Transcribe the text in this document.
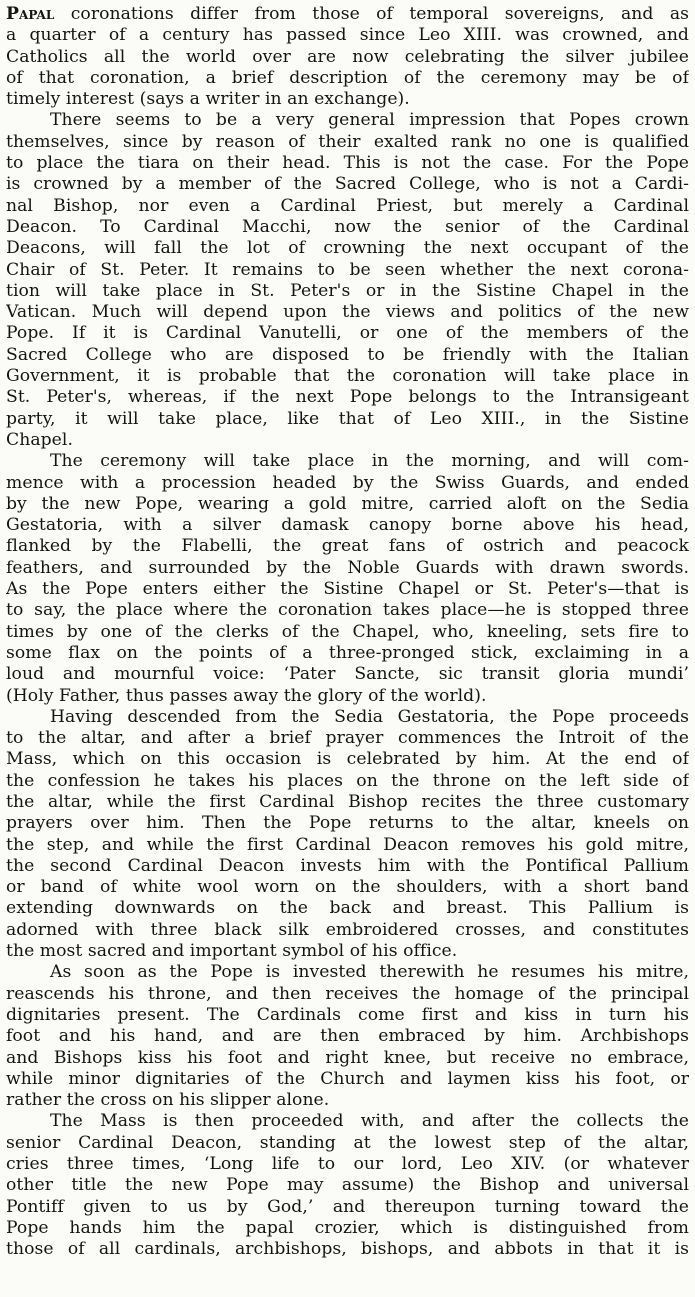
Papal coronations differ from those of temporal sovereigns, and as
a quarter of a century has passed since Leo XIII. was crowned, and
Catholics all the world over are now celebrating the silver jubilee
of that coronation, a brief description of the ceremony may be of
timely interest (says a writer in an exchange).
There seems to be a very general impression that Popes crown
themselves, since by reason of their exalted rank no one is qualified
to place the tiara on their head. This is not the case. For the Pope
is crowned by a member of the Sacred College, who is not a Cardi-
nal Bishop, nor even a Cardinal Priest, but merely a Cardinal
Deacon. To Cardinal Macchi, now the senior of the Cardinal
Deacons, will fall the lot of crowning the next occupant of the
Chair of St. Peter. It remains to be seen whether the next corona-
tion will take place in St. Peter's or in the Sistine Chapel in the
Vatican. Much will depend upon the views and politics of the new
Pope. If it is Cardinal Vanutelli, or one of the members of the
Sacred College who are disposed to be friendly with the Italian
Government, it is probable that the coronation will take place in
St. Peter's, whereas, if the next Pope belongs to the Intransigeant
party, it will take place, like that of Leo XIII., in the Sistine
Chapel.
The ceremony will take place in the morning, and will com-
mence with a procession headed by the Swiss Guards, and ended
by the new Pope, wearing a gold mitre, carried aloft on the Sedia
Gestatoria, with a silver damask canopy borne above his head,
flanked by the Flabelli, the great fans of ostrich and peacock
feathers, and surrounded by the Noble Guards with drawn swords.
As the Pope enters either the Sistine Chapel or St. Peter's—that is
to say, the place where the coronation takes place—he is stopped three
times by one of the clerks of the Chapel, who, kneeling, sets fire to
some flax on the points of a three-pronged stick, exclaiming in a
loud and mournful voice: ‘Pater Sancte, sic transit gloria mundi’
(Holy Father, thus passes away the glory of the world).
Having descended from the Sedia Gestatoria, the Pope proceeds
to the altar, and after a brief prayer commences the Introit of the
Mass, which on this occasion is celebrated by him. At the end of
the confession he takes his places on the throne on the left side of
the altar, while the first Cardinal Bishop recites the three customary
prayers over him. Then the Pope returns to the altar, kneels on
the step, and while the first Cardinal Deacon removes his gold mitre,
the second Cardinal Deacon invests him with the Pontifical Pallium
or band of white wool worn on the shoulders, with a short band
extending downwards on the back and breast. This Pallium is
adorned with three black silk embroidered crosses, and constitutes
the most sacred and important symbol of his office.
As soon as the Pope is invested therewith he resumes his mitre,
reascends his throne, and then receives the homage of the principal
dignitaries present. The Cardinals come first and kiss in turn his
foot and his hand, and are then embraced by him. Archbishops
and Bishops kiss his foot and right knee, but receive no embrace,
while minor dignitaries of the Church and laymen kiss his foot, or
rather the cross on his slipper alone.
The Mass is then proceeded with, and after the collects the
senior Cardinal Deacon, standing at the lowest step of the altar,
cries three times, ‘Long life to our lord, Leo XIV. (or whatever
other title the new Pope may assume) the Bishop and universal
Pontiff given to us by God,’ and thereupon turning toward the
Pope hands him the papal crozier, which is distinguished from
those of all cardinals, archbishops, bishops, and abbots in that it is
